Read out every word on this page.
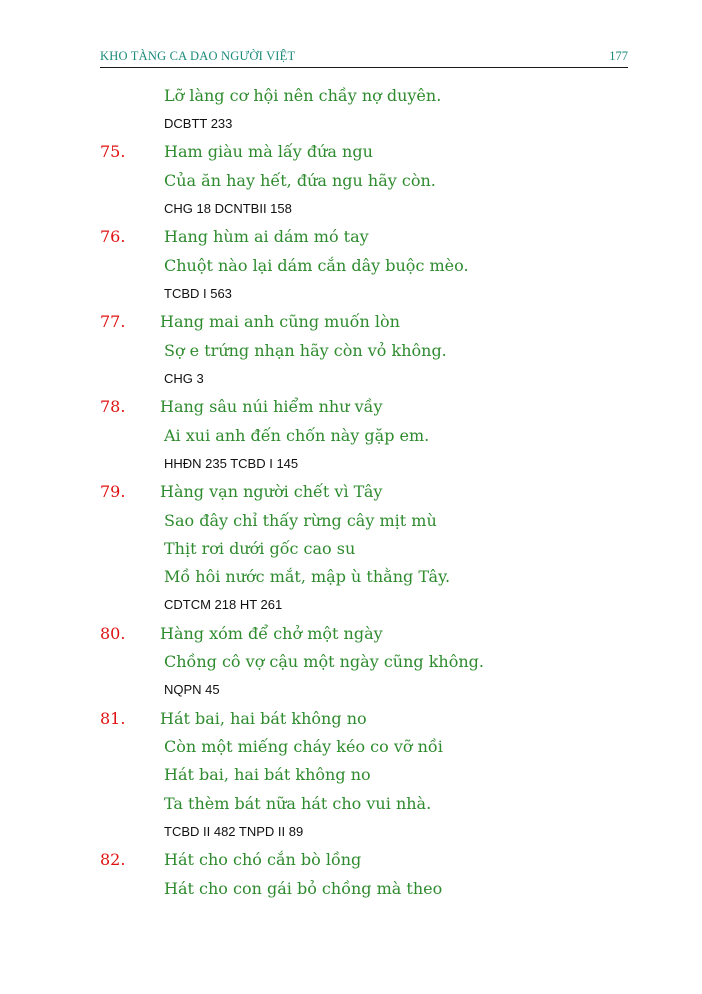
KHO TÀNG CA DAO NGƯỜI VIỆT	177
Lỡ làng cơ hội nên chầy nợ duyên.
DCBTT 233
75. Ham giàu mà lấy đứa ngu
Của ăn hay hết, đứa ngu hãy còn.
CHG 18 DCNTBII 158
76. Hang hùm ai dám mó tay
Chuột nào lại dám cắn dây buộc mèo.
TCBD I 563
77. Hang mai anh cũng muốn lòn
Sợ e trứng nhạn hãy còn vỏ không.
CHG 3
78. Hang sâu núi hiểm như vầy
Ai xui anh đến chốn này gặp em.
HHĐN 235 TCBD I 145
79. Hàng vạn người chết vì Tây
Sao đây chỉ thấy rừng cây mịt mù
Thịt rơi dưới gốc cao su
Mồ hôi nước mắt, mập ù thằng Tây.
CDTCM 218 HT 261
80. Hàng xóm để chở một ngày
Chồng cô vợ cậu một ngày cũng không.
NQPN 45
81. Hát bai, hai bát không no
Còn một miếng cháy kéo co vỡ nồi
Hát bai, hai bát không no
Ta thèm bát nữa hát cho vui nhà.
TCBD II 482 TNPD II 89
82. Hát cho chó cắn bò lồng
Hát cho con gái bỏ chồng mà theo
